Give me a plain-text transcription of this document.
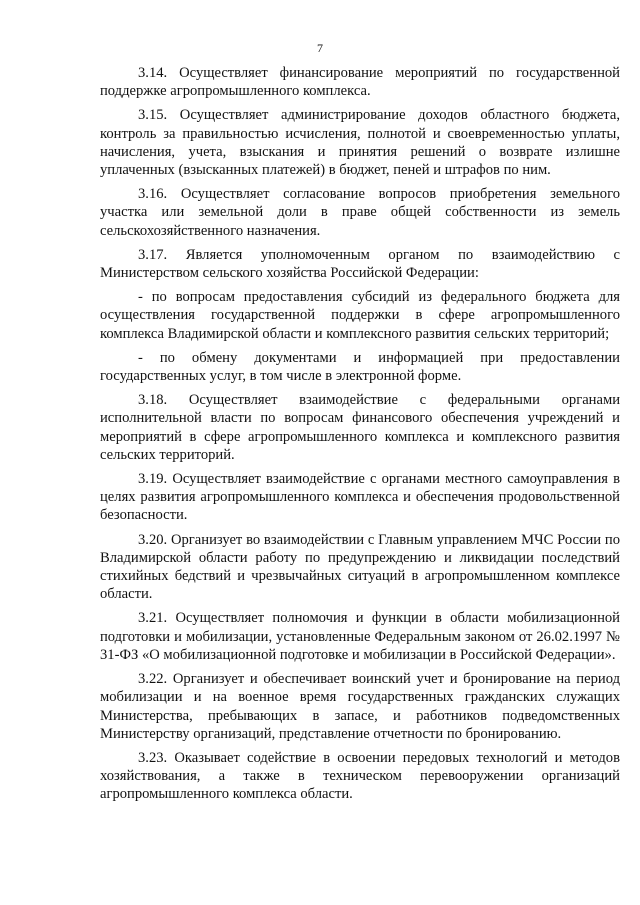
7

3.14. Осуществляет финансирование мероприятий по государственной поддержке агропромышленного комплекса.

3.15. Осуществляет администрирование доходов областного бюджета, контроль за правильностью исчисления, полнотой и своевременностью уплаты, начисления, учета, взыскания и принятия решений о возврате излишне уплаченных (взысканных платежей) в бюджет, пеней и штрафов по ним.

3.16. Осуществляет согласование вопросов приобретения земельного участка или земельной доли в праве общей собственности из земель сельскохозяйственного назначения.

3.17. Является уполномоченным органом по взаимодействию с Министерством сельского хозяйства Российской Федерации:

- по вопросам предоставления субсидий из федерального бюджета для осуществления государственной поддержки в сфере агропромышленного комплекса Владимирской области и комплексного развития сельских территорий;

- по обмену документами и информацией при предоставлении государственных услуг, в том числе в электронной форме.

3.18. Осуществляет взаимодействие с федеральными органами исполнительной власти по вопросам финансового обеспечения учреждений и мероприятий в сфере агропромышленного комплекса и комплексного развития сельских территорий.

3.19. Осуществляет взаимодействие с органами местного самоуправления в целях развития агропромышленного комплекса и обеспечения продовольственной безопасности.

3.20. Организует во взаимодействии с Главным управлением МЧС России по Владимирской области работу по предупреждению и ликвидации последствий стихийных бедствий и чрезвычайных ситуаций в агропромышленном комплексе области.

3.21. Осуществляет полномочия и функции в области мобилизационной подготовки и мобилизации, установленные Федеральным законом от 26.02.1997 № 31-ФЗ «О мобилизационной подготовке и мобилизации в Российской Федерации».

3.22. Организует и обеспечивает воинский учет и бронирование на период мобилизации и на военное время государственных гражданских служащих Министерства, пребывающих в запасе, и работников подведомственных Министерству организаций, представление отчетности по бронированию.

3.23. Оказывает содействие в освоении передовых технологий и методов хозяйствования, а также в техническом перевооружении организаций агропромышленного комплекса области.
